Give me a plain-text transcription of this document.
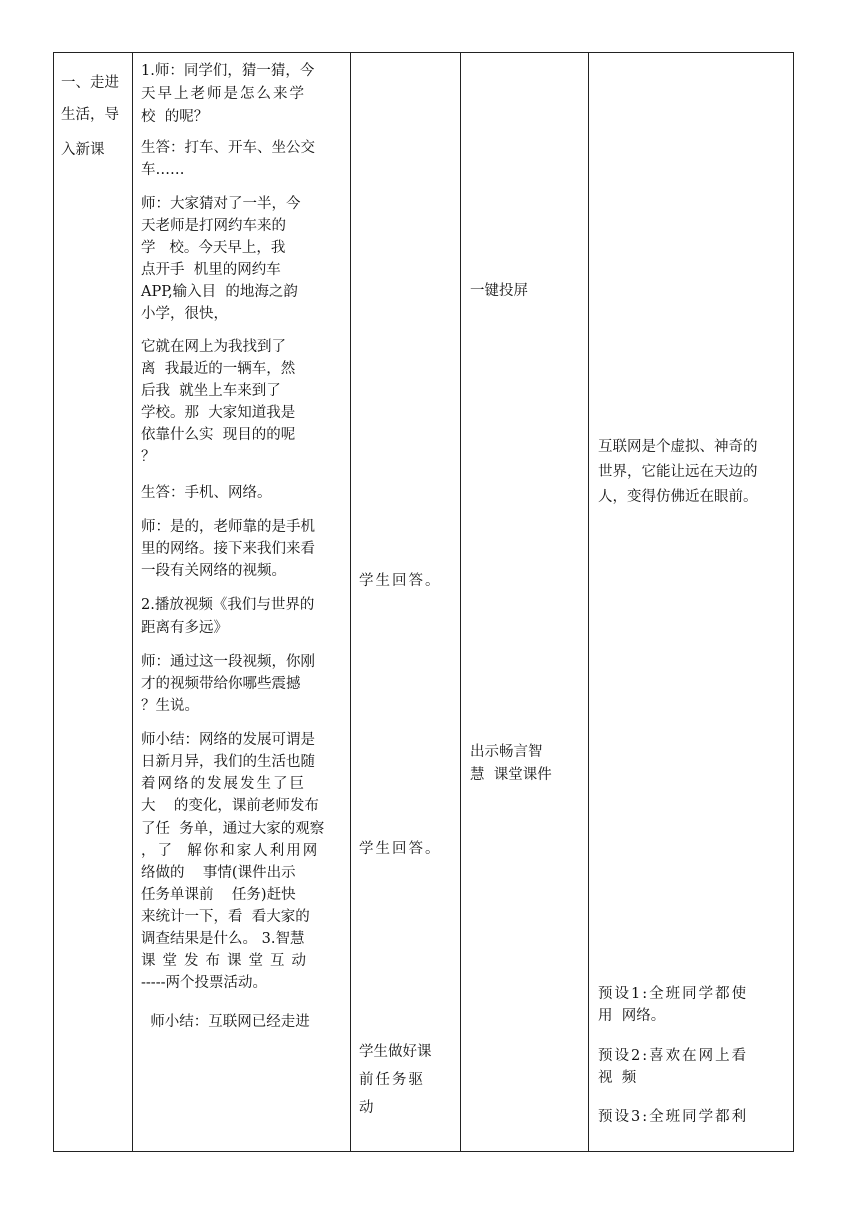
一、走进
生活，导
入新课
1.师：同学们，猜一猜，今
天早上老师是怎么来学
校  的呢？
生答：打车、开车、坐公交
车……
师：大家猜对了一半，今
天老师是打网约车来的
学   校。今天早上，我
点开手  机里的网约车
APP,输入目  的地海之韵
小学，很快，
它就在网上为我找到了
离  我最近的一辆车，然
后我  就坐上车来到了
学校。那  大家知道我是
依靠什么实  现目的的呢
？
生答：手机、网络。
师：是的，老师靠的是手机
里的网络。接下来我们来看
一段有关网络的视频。
2.播放视频《我们与世界的
距离有多远》
师：通过这一段视频，你刚
才的视频带给你哪些震撼
？生说。
师小结：网络的发展可谓是
日新月异，我们的生活也随
着网络的发展发生了巨
大    的变化，课前老师发布
了任  务单，通过大家的观察
，了  解你和家人利用网
络做的    事情(课件出示
任务单课前    任务)赶快
来统计一下，看  看大家的
调查结果是什么。 3.智慧
课堂发布课堂互动
-----两个投票活动。
师小结：互联网已经走进
学生回答。
学生回答。
学生做好课
前任务驱
动
一键投屏
出示畅言智
慧  课堂课件
互联网是个虚拟、神奇的
世界，它能让远在天边的
人，变得仿佛近在眼前。
预设1:全班同学都使
用  网络。
预设2:喜欢在网上看
视  频
预设3:全班同学都利
